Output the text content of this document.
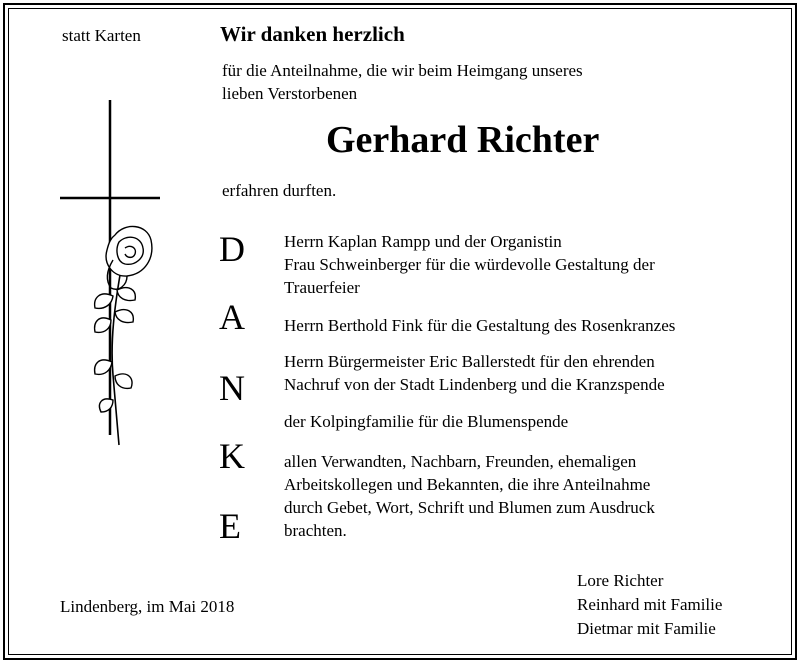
statt Karten	Wir danken herzlich
für die Anteilnahme, die wir beim Heimgang unseres
lieben Verstorbenen
Gerhard Richter
erfahren durften.
D
A
N
K
E
Herrn Kaplan Rampp und der Organistin
Frau Schweinberger für die würdevolle Gestaltung der
Trauerfeier
Herrn Berthold Fink für die Gestaltung des Rosenkranzes
Herrn Bürgermeister Eric Ballerstedt für den ehrenden
Nachruf von der Stadt Lindenberg und die Kranzspende
der Kolpingfamilie für die Blumenspende
allen Verwandten, Nachbarn, Freunden, ehemaligen
Arbeitskollegen und Bekannten, die ihre Anteilnahme
durch Gebet, Wort, Schrift und Blumen zum Ausdruck
brachten.
Lindenberg, im Mai 2018
Lore Richter
Reinhard mit Familie
Dietmar mit Familie
